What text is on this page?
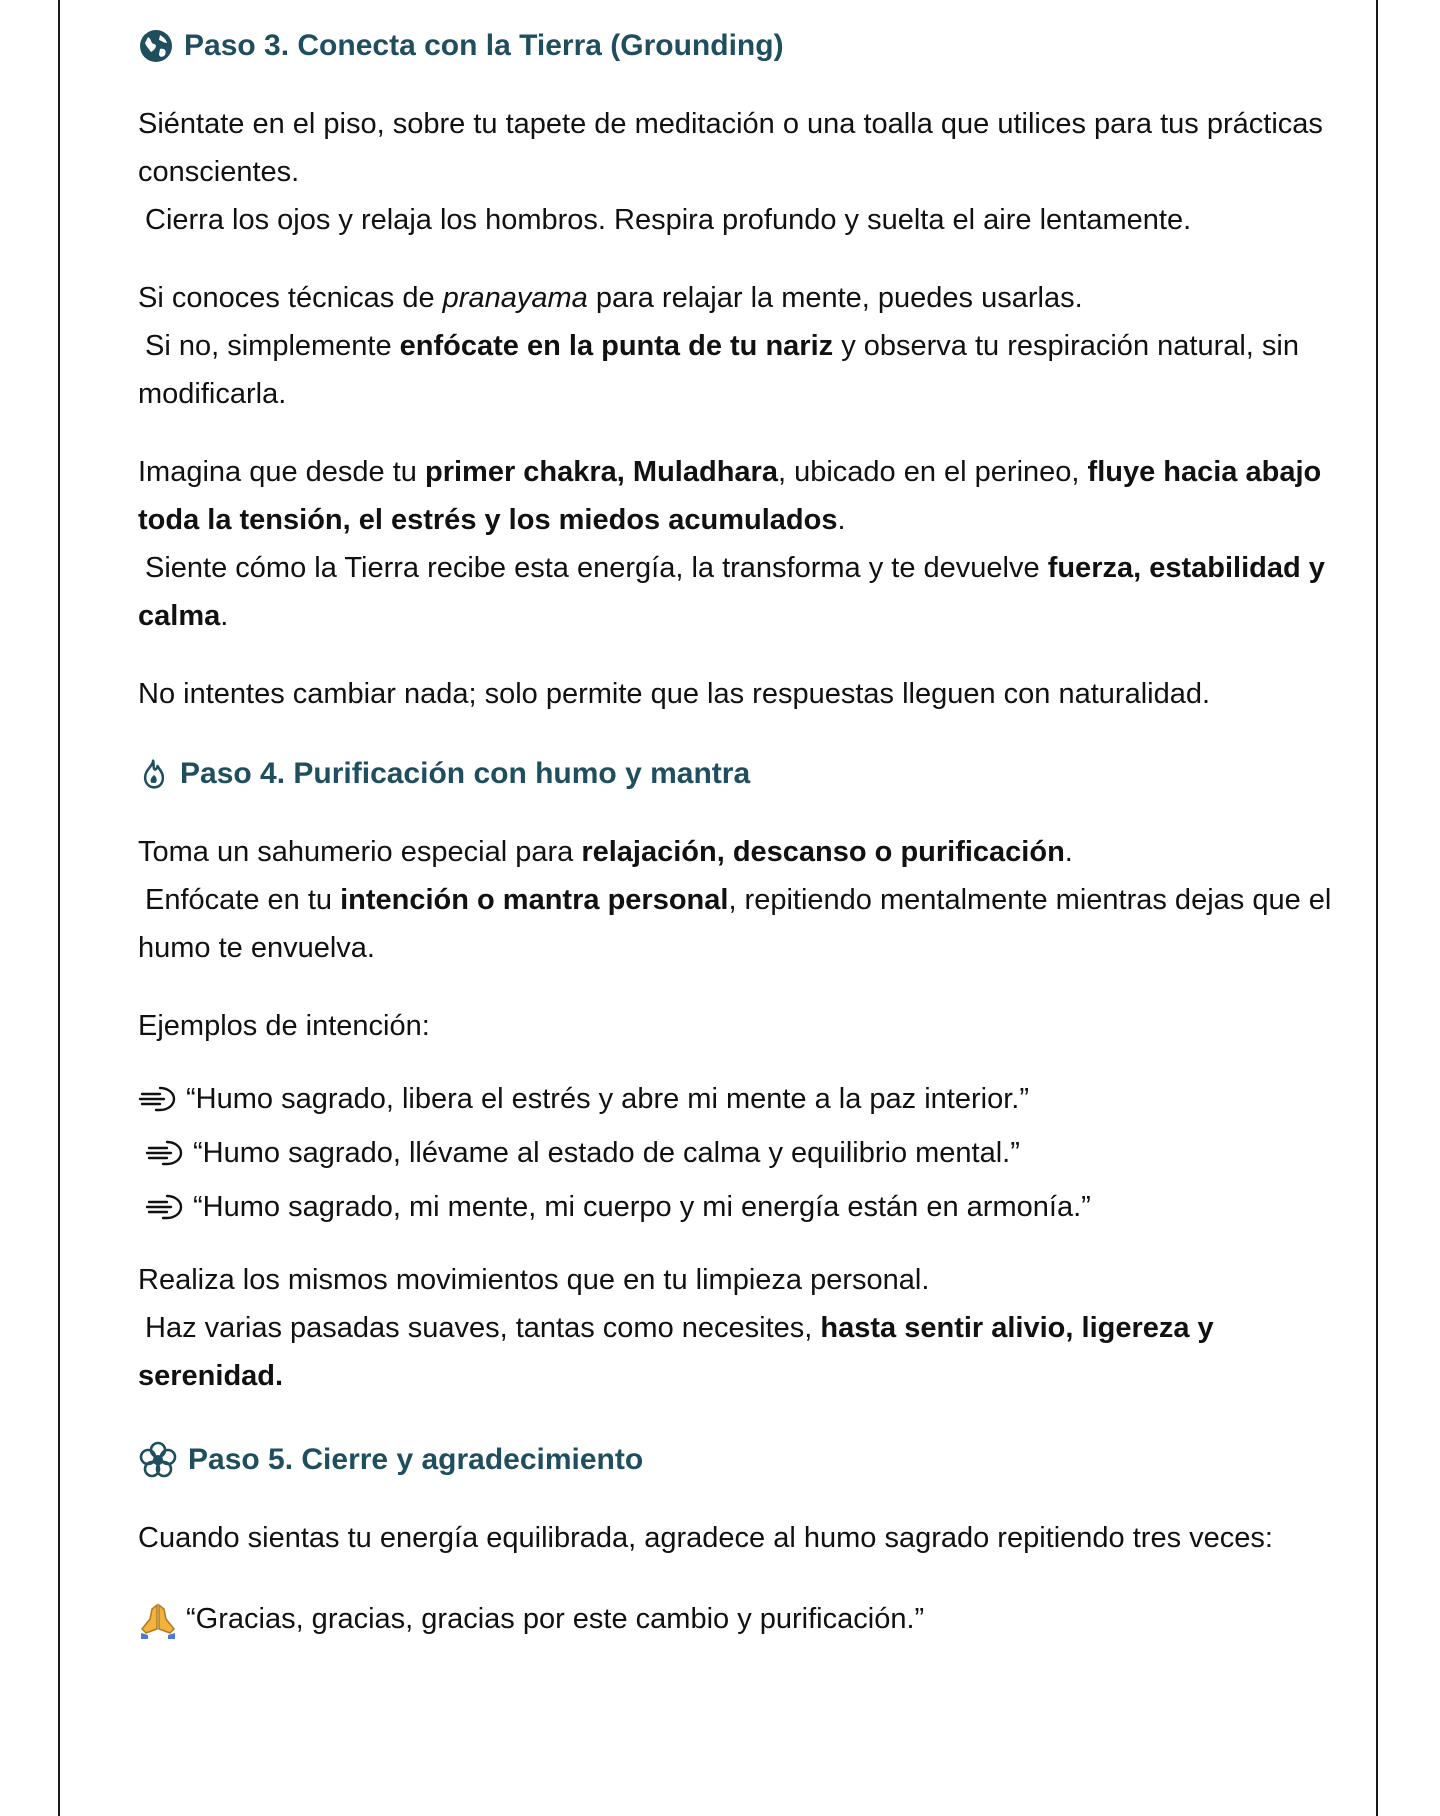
Paso 3. Conecta con la Tierra (Grounding)

Siéntate en el piso, sobre tu tapete de meditación o una toalla que utilices para tus prácticas conscientes.
Cierra los ojos y relaja los hombros. Respira profundo y suelta el aire lentamente.

Si conoces técnicas de pranayama para relajar la mente, puedes usarlas.
Si no, simplemente enfócate en la punta de tu nariz y observa tu respiración natural, sin modificarla.

Imagina que desde tu primer chakra, Muladhara, ubicado en el perineo, fluye hacia abajo toda la tensión, el estrés y los miedos acumulados.
Siente cómo la Tierra recibe esta energía, la transforma y te devuelve fuerza, estabilidad y calma.

No intentes cambiar nada; solo permite que las respuestas lleguen con naturalidad.

Paso 4. Purificación con humo y mantra

Toma un sahumerio especial para relajación, descanso o purificación.
Enfócate en tu intención o mantra personal, repitiendo mentalmente mientras dejas que el humo te envuelva.

Ejemplos de intención:

“Humo sagrado, libera el estrés y abre mi mente a la paz interior.”
“Humo sagrado, llévame al estado de calma y equilibrio mental.”
“Humo sagrado, mi mente, mi cuerpo y mi energía están en armonía.”

Realiza los mismos movimientos que en tu limpieza personal.
Haz varias pasadas suaves, tantas como necesites, hasta sentir alivio, ligereza y serenidad.

Paso 5. Cierre y agradecimiento

Cuando sientas tu energía equilibrada, agradece al humo sagrado repitiendo tres veces:

“Gracias, gracias, gracias por este cambio y purificación.”
